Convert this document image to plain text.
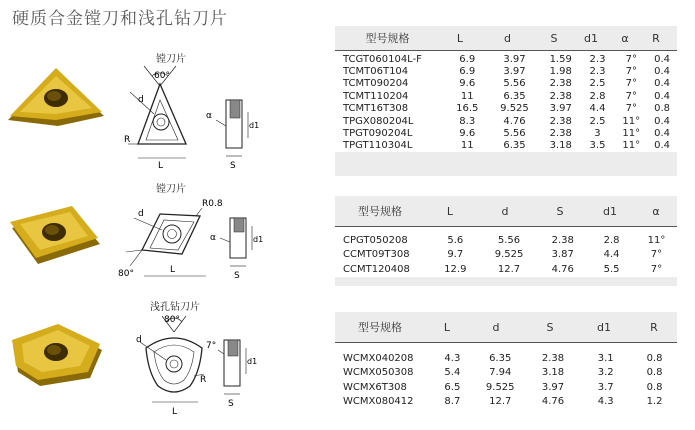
硬质合金镗刀和浅孔钻刀片
镗刀片
60°
d
R
L
α
d1
S
型号规格	L	d	S	d1	α	R
TCGT060104L-F	6.9	3.97	1.59	2.3	7°	0.4
TCMT06T104	6.9	3.97	1.98	2.3	7°	0.4
TCMT090204	9.6	5.56	2.38	2.5	7°	0.4
TCMT110204	11	6.35	2.38	2.8	7°	0.4
TCMT16T308	16.5	9.525	3.97	4.4	7°	0.8
TPGX080204L	8.3	4.76	2.38	2.5	11°	0.4
TPGT090204L	9.6	5.56	2.38	3	11°	0.4
TPGT110304L	11	6.35	3.18	3.5	11°	0.4
镗刀片
R0.8
d
80°	L
α	d1
S
型号规格	L	d	S	d1	α
CPGT050208	5.6	5.56	2.38	2.8	11°
CCMT09T308	9.7	9.525	3.87	4.4	7°
CCMT120408	12.9	12.7	4.76	5.5	7°
浅孔钻刀片
80°
d
R
L
7°
d1
S
型号规格	L	d	S	d1	R
WCMX040208	4.3	6.35	2.38	3.1	0.8
WCMX050308	5.4	7.94	3.18	3.2	0.8
WCMX6T308	6.5	9.525	3.97	3.7	0.8
WCMX080412	8.7	12.7	4.76	4.3	1.2
